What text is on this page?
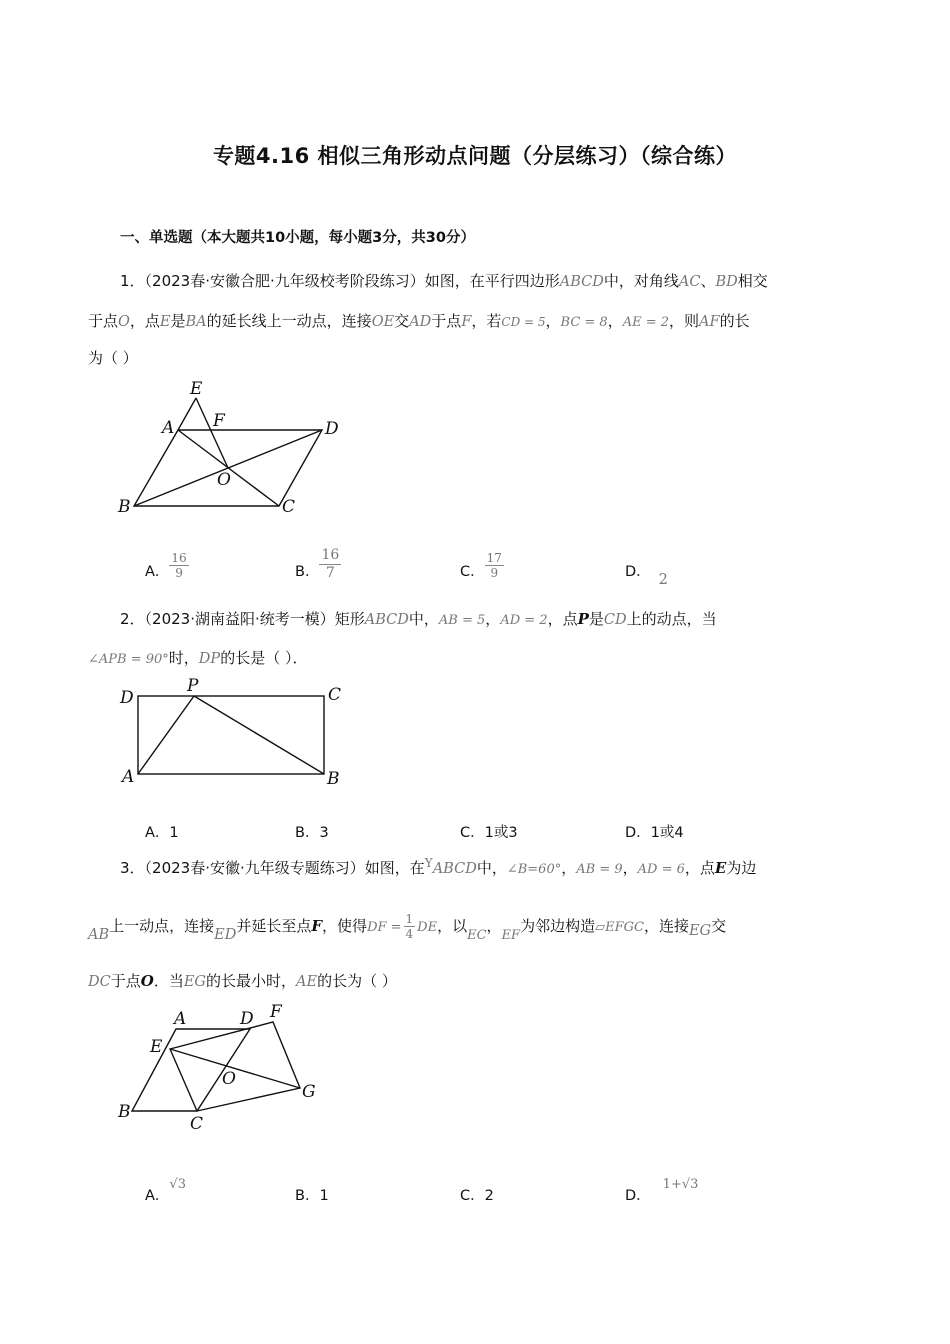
专题4.16 相似三角形动点问题（分层练习）（综合练）
一、单选题（本大题共10小题，每小题3分，共30分）
1．（2023春·安徽合肥·九年级校考阶段练习）如图，在平行四边形ABCD中，对角线AC、BD相交
于点O，点E是BA的延长线上一动点，连接OE交AD于点F，若CD = 5，BC = 8，AE = 2，则AF的长
为（ ）
E
F
A	D
O
B	C
A． $\frac{16}{9}$	B． $\frac{16}{7}$	C． $\frac{17}{9}$	D． 2
2．（2023·湖南益阳·统考一模）矩形ABCD中，AB = 5，AD = 2，点P是CD上的动点，当
∠APB = 90°时，DP的长是（ ）．
D
P	C
A	B
A．1	B．3	C．1或3	D．1或4
3．（2023春·安徽·九年级专题练习）如图，在$^Y$ABCD中，∠B=60°，AB = 9，AD = 6，点E为边
AB上一动点，连接ED并延长至点F，使得DF = $\frac{1}{4}$ DE，以EC，EF为邻边构造▱EFGC，连接EG交
DC于点O．当EG的长最小时，AE的长为（ ）
A	D F
E
O
G
B
C
A．√3
B．1	C．2	D．1+√3
